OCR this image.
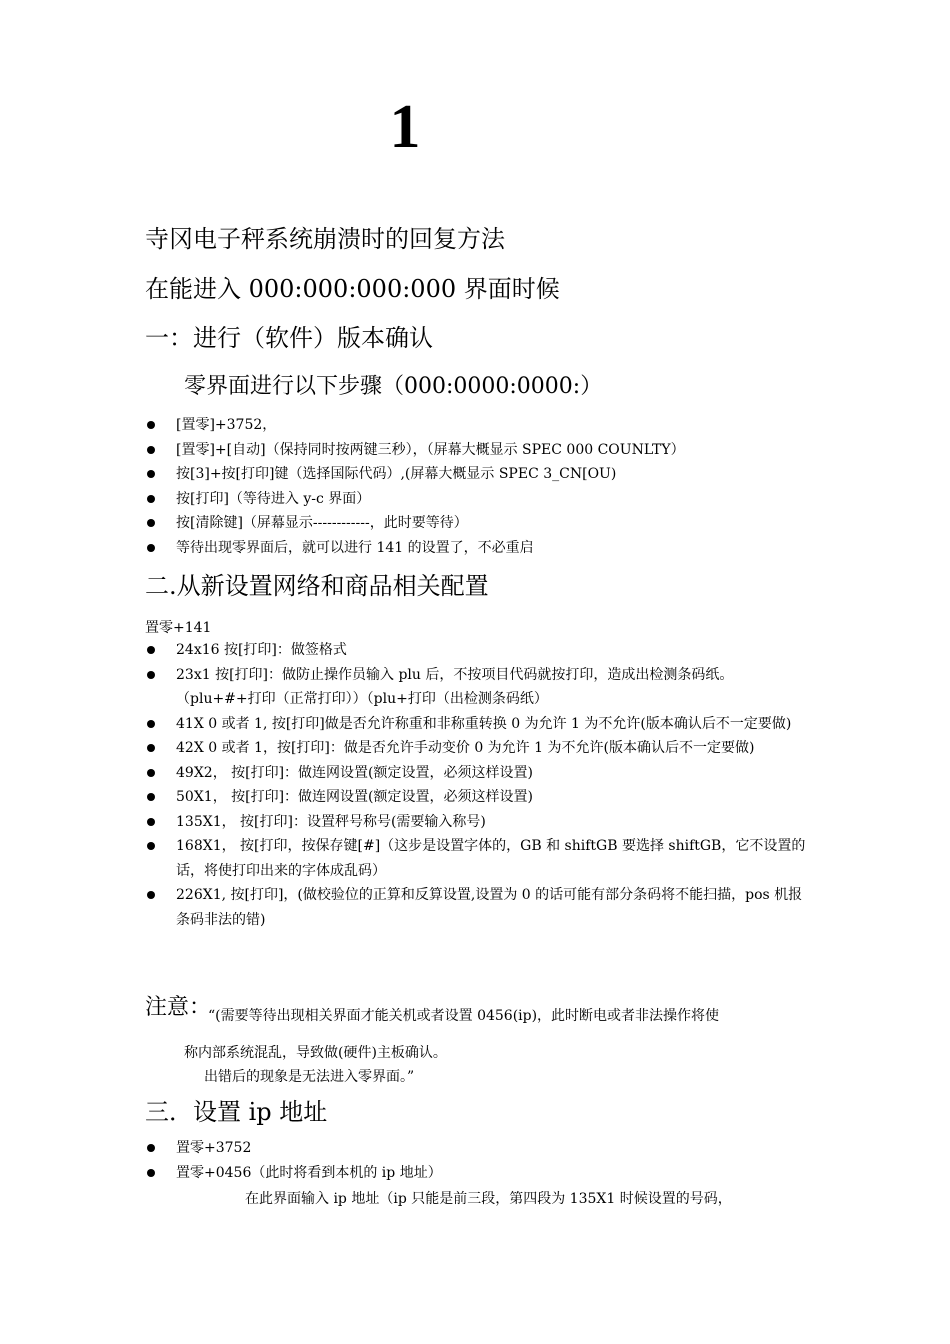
1
寺冈电子秤系统崩溃时的回复方法
在能进入 000:000:000:000 界面时候
一：进行（软件）版本确认
零界面进行以下步骤（000:0000:0000:）
[置零]+3752，
[置零]+[自动]（保持同时按两键三秒），（屏幕大概显示 SPEC 000 COUNLTY）
按[3]+按[打印]键（选择国际代码）,(屏幕大概显示 SPEC 3_CN[OU)
按[打印]（等待进入 y-c 界面）
按[清除键]（屏幕显示------------，此时要等待）
等待出现零界面后，就可以进行 141 的设置了，不必重启
二.从新设置网络和商品相关配置
置零+141
24x16 按[打印]：做签格式
23x1 按[打印]：做防止操作员输入 plu 后，不按项目代码就按打印，造成出检测条码纸。（plu+#+打印（正常打印））（plu+打印（出检测条码纸）
41X 0 或者 1, 按[打印]做是否允许称重和非称重转换 0 为允许 1 为不允许(版本确认后不一定要做)
42X 0 或者 1，按[打印]：做是否允许手动变价 0 为允许 1 为不允许(版本确认后不一定要做)
49X2， 按[打印]：做连网设置(额定设置，必须这样设置)
50X1， 按[打印]：做连网设置(额定设置，必须这样设置)
135X1， 按[打印]：设置秤号称号(需要输入称号)
168X1， 按[打印，按保存键[#]（这步是设置字体的，GB 和 shiftGB 要选择 shiftGB，它不设置的话，将使打印出来的字体成乱码）
226X1, 按[打印]，(做校验位的正算和反算设置,设置为 0 的话可能有部分条码将不能扫描，pos 机报条码非法的错)
注意：
“(需要等待出现相关界面才能关机或者设置 0456(ip)，此时断电或者非法操作将使
称内部系统混乱，导致做(硬件)主板确认。
出错后的现象是无法进入零界面。”
三．设置 ip 地址
置零+3752
置零+0456（此时将看到本机的 ip 地址）
在此界面输入 ip 地址（ip 只能是前三段，第四段为 135X1 时候设置的号码，
